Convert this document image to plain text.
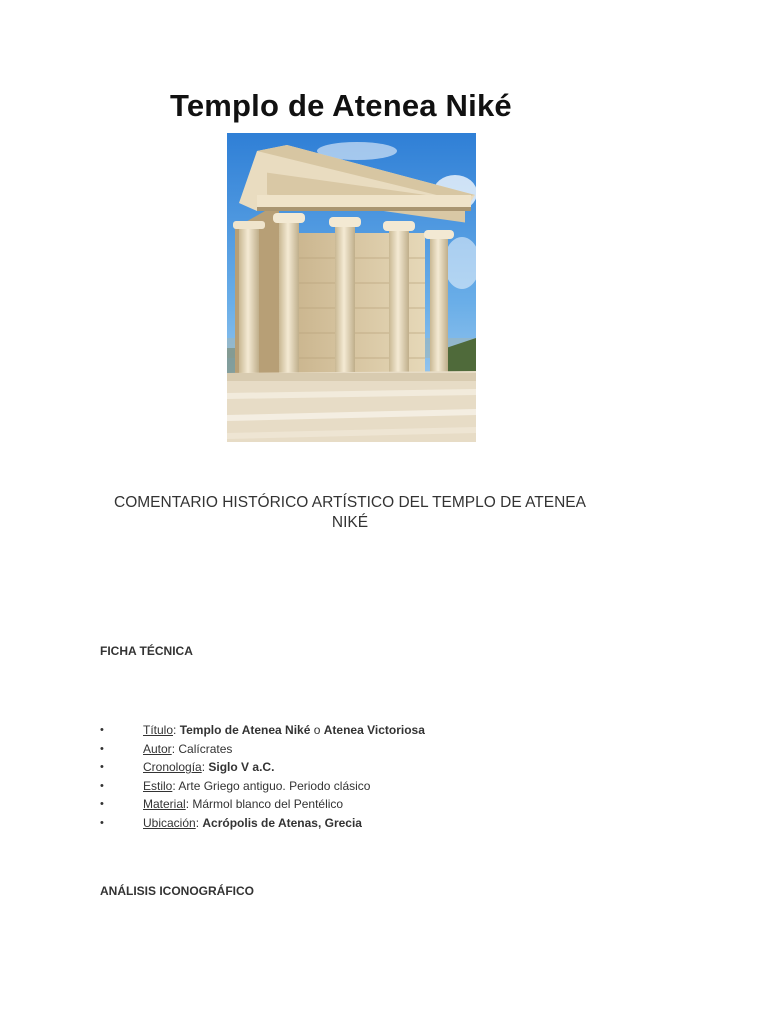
Templo de Atenea Niké

COMENTARIO HISTÓRICO ARTÍSTICO DEL TEMPLO DE ATENEA NIKÉ

FICHA TÉCNICA
•	Título: Templo de Atenea Niké o Atenea Victoriosa
•	Autor: Calícrates
•	Cronología: Siglo V a.C.
•	Estilo: Arte Griego antiguo. Periodo clásico
•	Material: Mármol blanco del Pentélico
•	Ubicación: Acrópolis de Atenas, Grecia
ANÁLISIS ICONOGRÁFICO
